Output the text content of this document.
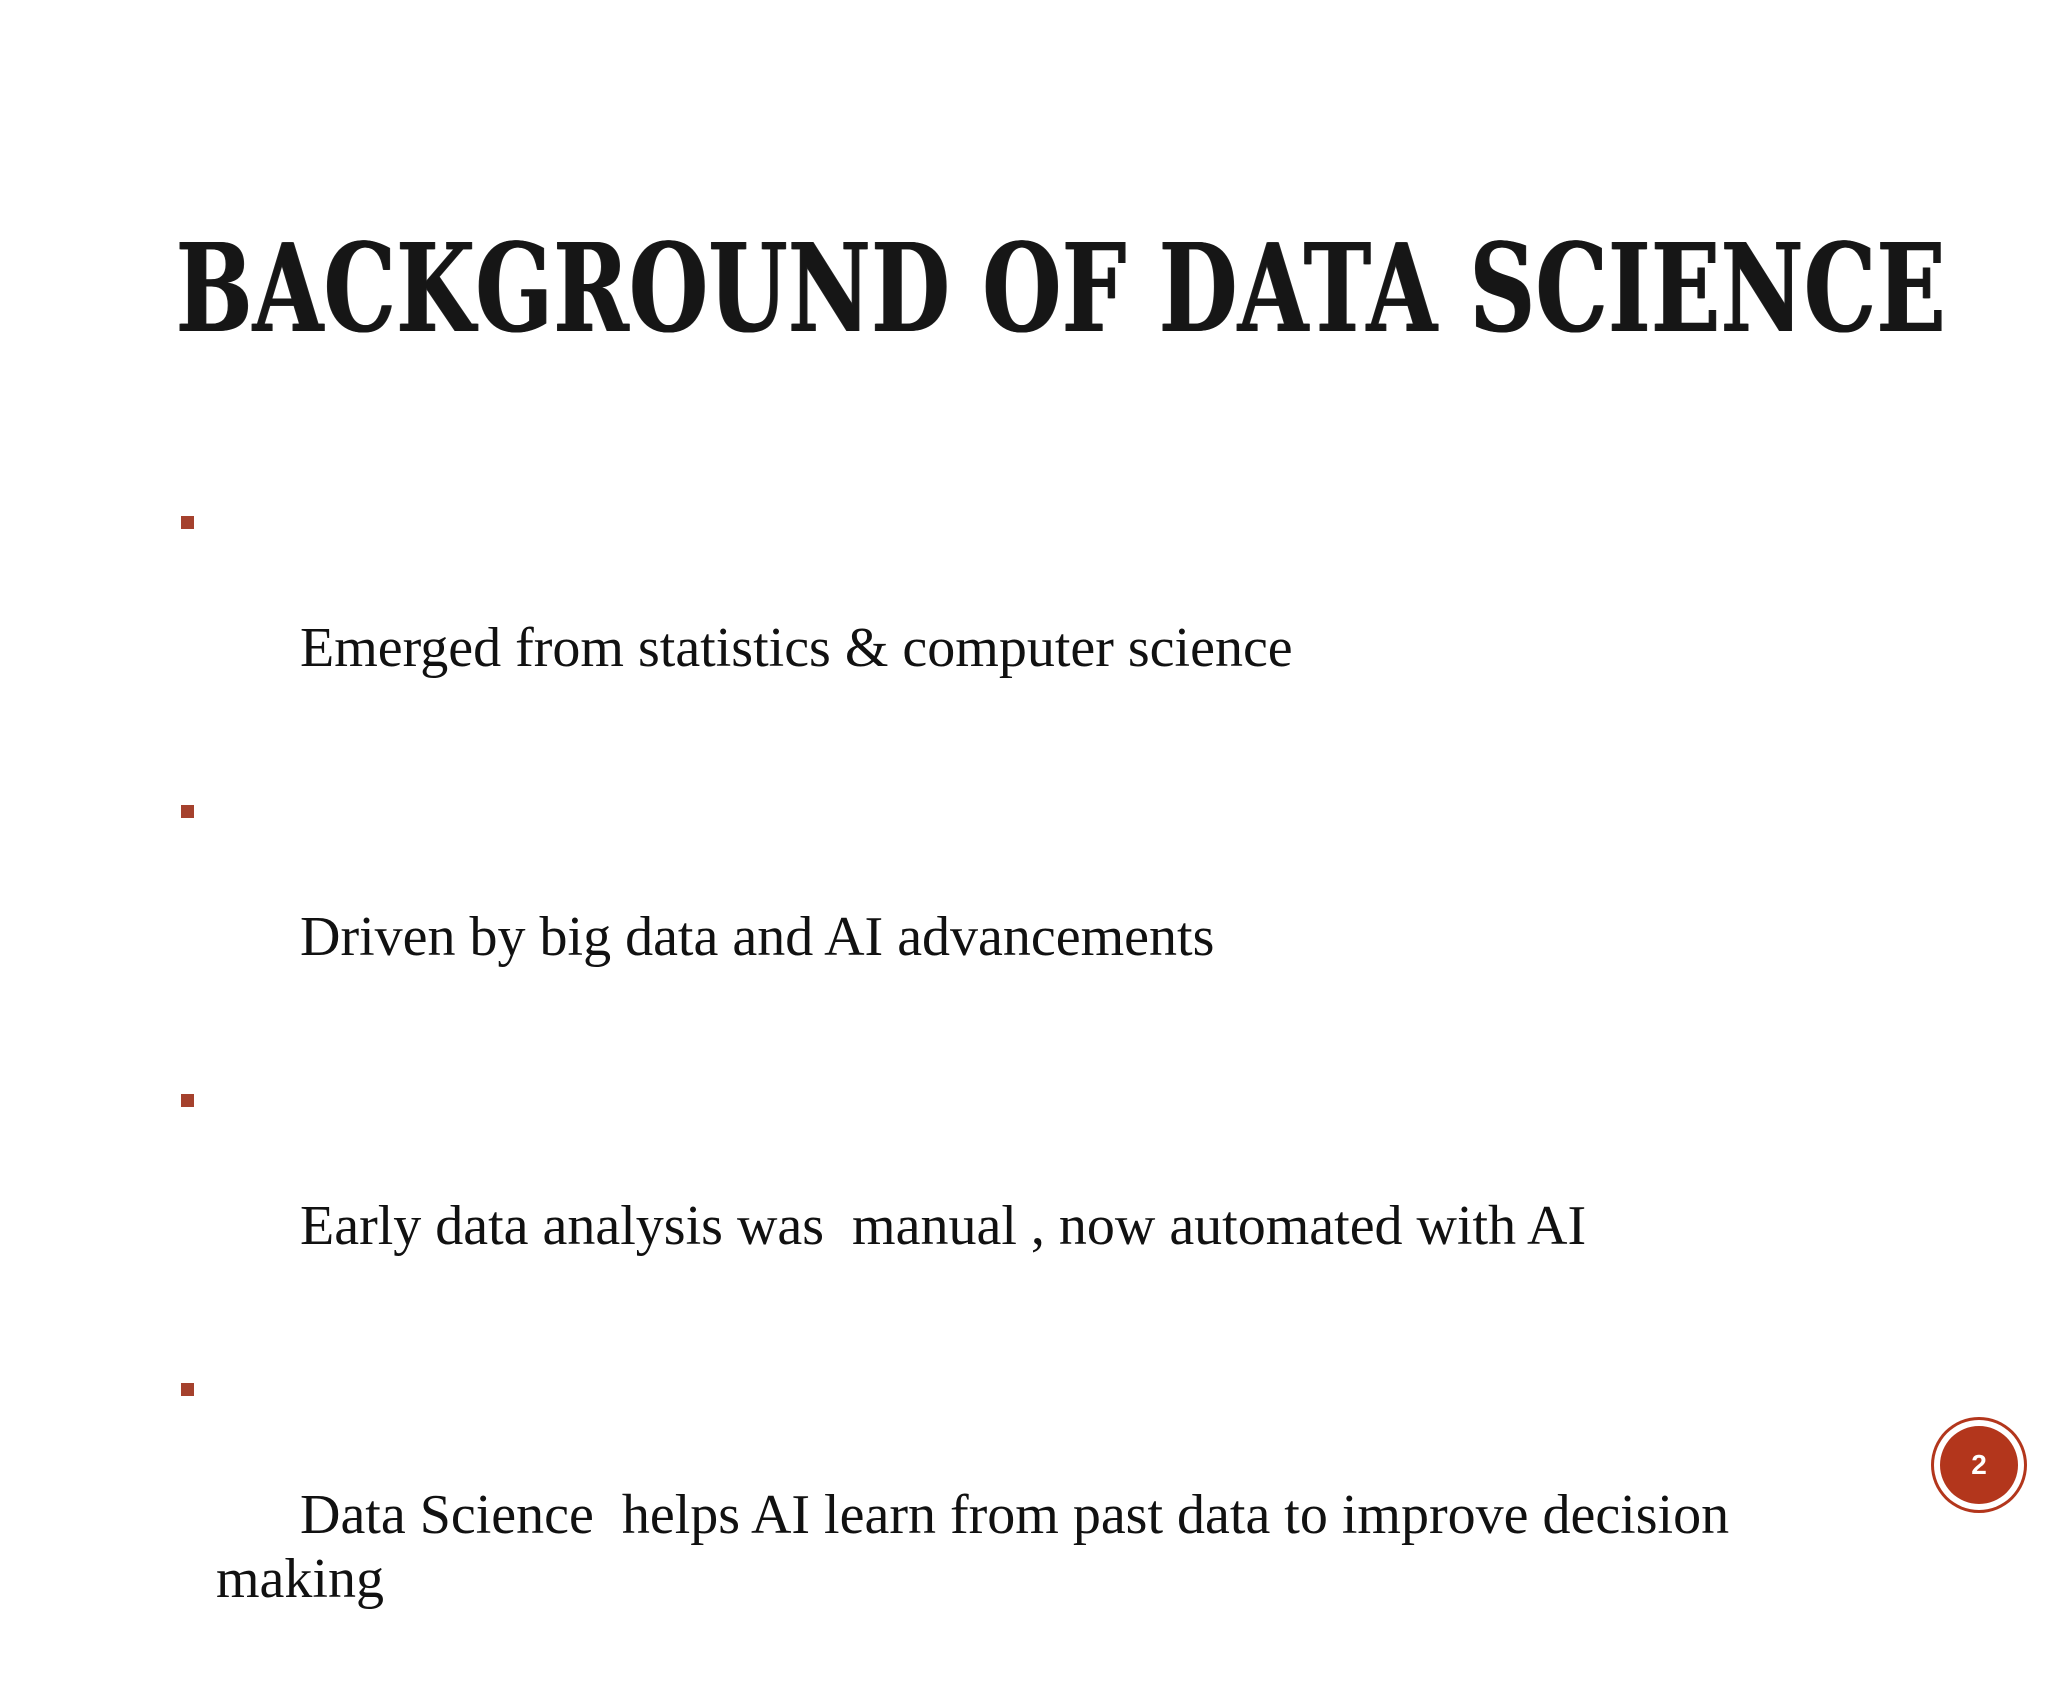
BACKGROUND OF DATA SCIENCE

Emerged from statistics & computer science

Driven by big data and AI advancements

Early data analysis was  manual , now automated with AI

Data Science  helps AI learn from past data to improve decision making

2
